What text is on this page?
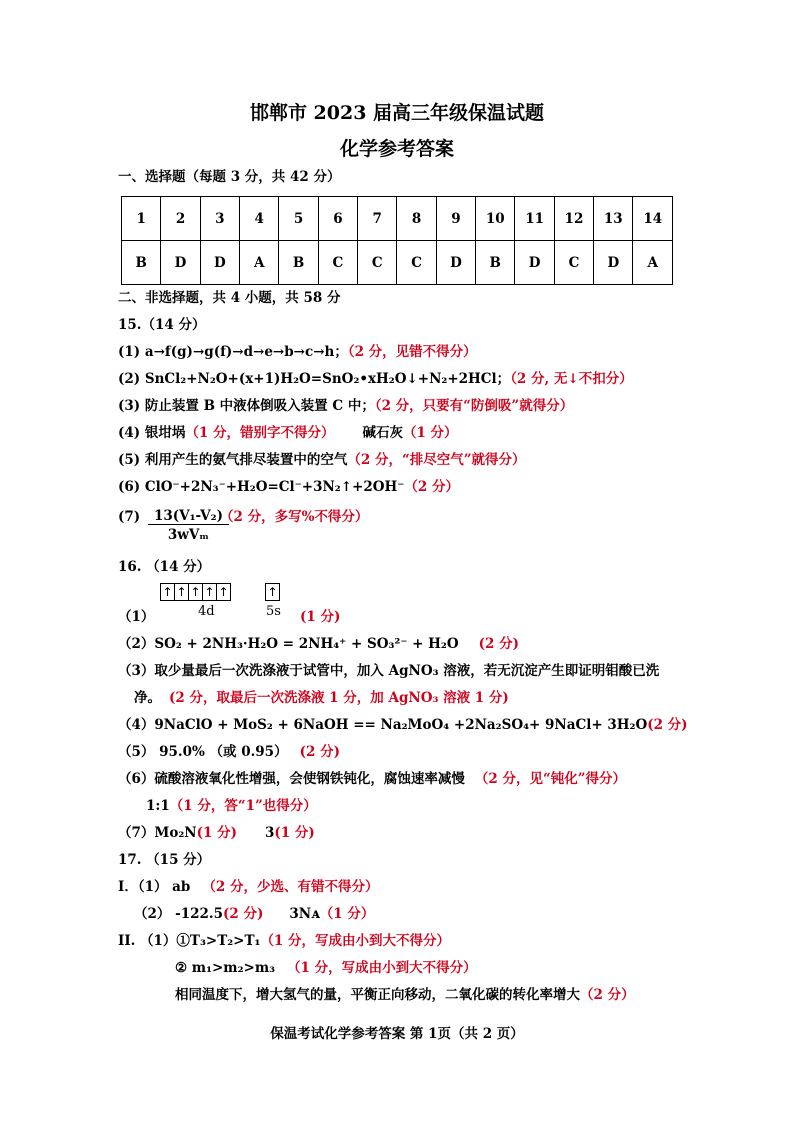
邯郸市 2023 届高三年级保温试题
化学参考答案
一、选择题（每题 3 分，共 42 分）
1	2	3	4	5	6	7	8	9	10	11	12	13	14
B	D	D	A	B	C	C	C	D	B	D	C	D	A
二、非选择题，共 4 小题，共 58 分
15.（14 分）
(1) a→f(g)→g(f)→d→e→b→c→h；（2 分，见错不得分）
(2) SnCl₂+N₂O+(x+1)H₂O=SnO₂•xH₂O↓+N₂+2HCl；（2 分, 无↓不扣分）
(3) 防止装置 B 中液体倒吸入装置 C 中；（2 分，只要有“防倒吸”就得分）
(4) 银坩埚（1 分，错别字不得分） 碱石灰（1 分）
(5) 利用产生的氨气排尽装置中的空气（2 分，“排尽空气”就得分）
(6) ClO⁻+2N₃⁻+H₂O=Cl⁻+3N₂↑+2OH⁻（2 分）
(7)	13(V₁-V₂)
3wVₘ
（2 分，多写%不得分）
16. （14 分）
↑ ↑ ↑ ↑ ↑	↑
4d	5s
（1）	(1 分)
（2）SO₂ + 2NH₃·H₂O = 2NH₄⁺ + SO₃²⁻ + H₂O (2 分)
（3）取少量最后一次洗涤液于试管中，加入 AgNO₃ 溶液，若无沉淀产生即证明钼酸已洗
净。 (2 分，取最后一次洗涤液 1 分，加 AgNO₃ 溶液 1 分)
（4）9NaClO + MoS₂ + 6NaOH == Na₂MoO₄ +2Na₂SO₄+ 9NaCl+ 3H₂O(2 分)
（5） 95.0% （或 0.95） (2 分)
（6）硫酸溶液氧化性增强，会使钢铁钝化，腐蚀速率减慢 （2 分，见“钝化”得分）
1:1（1 分，答“1”也得分）
（7）Mo₂N(1 分) 3(1 分)
17. （15 分）
I．（1） ab （2 分，少选、有错不得分）
（2） -122.5(2 分) 3Nᴀ（1 分）
II. （1）①T₃>T₂>T₁（1 分，写成由小到大不得分）
② m₁>m₂>m₃ （1 分，写成由小到大不得分）
相同温度下，增大氢气的量，平衡正向移动，二氧化碳的转化率增大（2 分）
保温考试化学参考答案 第 1页（共 2 页）
